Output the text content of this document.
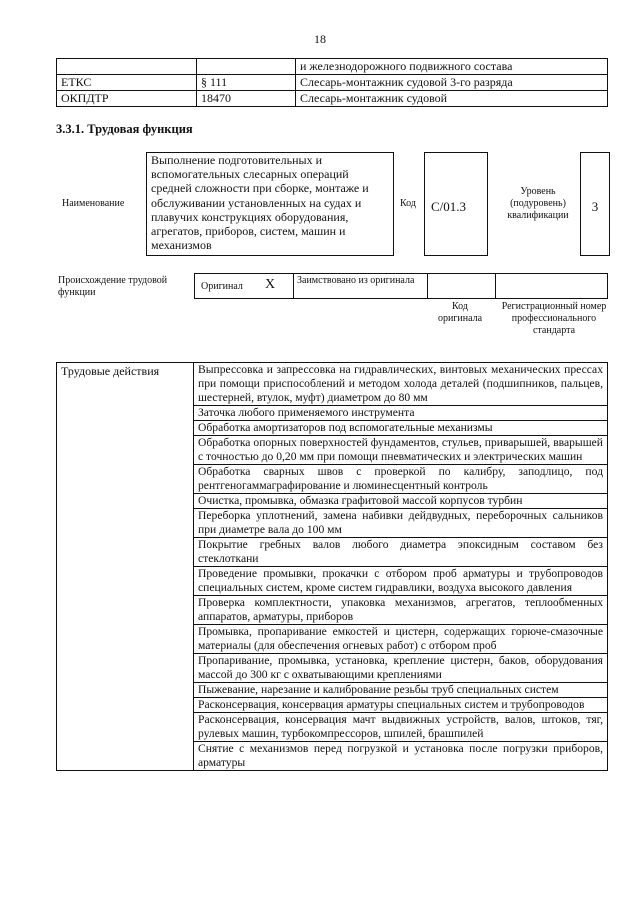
18
		и железнодорожного подвижного состава
ЕТКС	§ 111	Слесарь-монтажник судовой 3-го разряда
ОКПДТР	18470	Слесарь-монтажник судовой
3.3.1. Трудовая функция
Наименование
Выполнение подготовительных и вспомогательных слесарных операций средней сложности при сборке, монтаже и обслуживании установленных на судах и плавучих конструкциях оборудования, агрегатов, приборов, систем, машин и механизмов
Код	C/01.3
Уровень (подуровень) квалификации
3
Происхождение трудовой функции
Оригинал X Заимствовано из оригинала
Код оригинала
Регистрационный номер профессионального стандарта
Трудовые действия	Выпрессовка и запрессовка на гидравлических, винтовых механических прессах при помощи приспособлений и методом холода деталей (подшипников, пальцев, шестерней, втулок, муфт) диаметром до 80 мм
Заточка любого применяемого инструмента
Обработка амортизаторов под вспомогательные механизмы
Обработка опорных поверхностей фундаментов, стульев, приварышей, вварышей с точностью до 0,20 мм при помощи пневматических и электрических машин
Обработка сварных швов с проверкой по калибру, заподлицо, под рентгеногаммаграфирование и люминесцентный контроль
Очистка, промывка, обмазка графитовой массой корпусов турбин
Переборка уплотнений, замена набивки дейдвудных, переборочных сальников при диаметре вала до 100 мм
Покрытие гребных валов любого диаметра эпоксидным составом без стеклоткани
Проведение промывки, прокачки с отбором проб арматуры и трубопроводов специальных систем, кроме систем гидравлики, воздуха высокого давления
Проверка комплектности, упаковка механизмов, агрегатов, теплообменных аппаратов, арматуры, приборов
Промывка, пропаривание емкостей и цистерн, содержащих горюче-смазочные материалы (для обеспечения огневых работ) с отбором проб
Пропаривание, промывка, установка, крепление цистерн, баков, оборудования массой до 300 кг с охватывающими креплениями
Пыжевание, нарезание и калибрование резьбы труб специальных систем
Расконсервация, консервация арматуры специальных систем и трубопроводов
Расконсервация, консервация мачт выдвижных устройств, валов, штоков, тяг, рулевых машин, турбокомпрессоров, шпилей, брашпилей
Снятие с механизмов перед погрузкой и установка после погрузки приборов, арматуры
